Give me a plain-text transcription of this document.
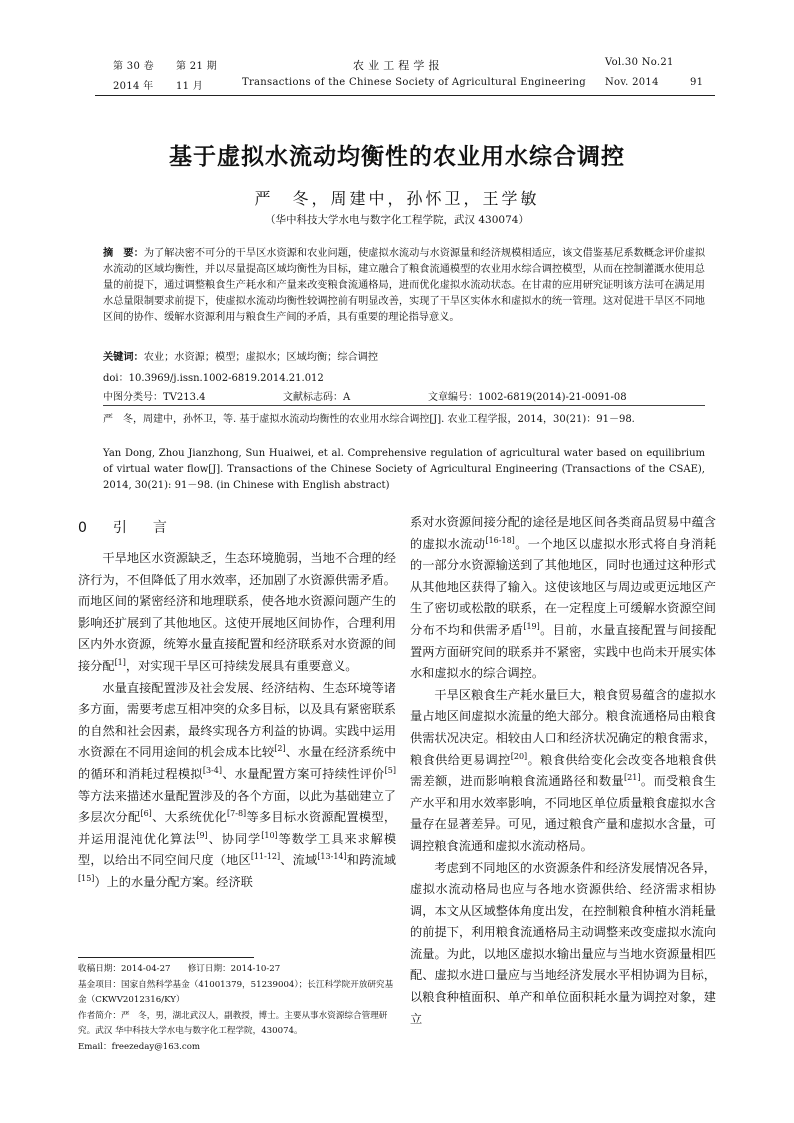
第 30 卷 第 21 期	农 业 工 程 学 报	Vol.30 No.21
2014 年 11 月	Transactions of the Chinese Society of Agricultural Engineering Nov. 2014	91
基于虚拟水流动均衡性的农业用水综合调控
严　冬，周建中，孙怀卫，王学敏
（华中科技大学水电与数字化工程学院，武汉 430074）
摘　要：为了解决密不可分的干旱区水资源和农业问题，使虚拟水流动与水资源量和经济规模相适应，该文借鉴基尼系数概念评价虚拟水流动的区域均衡性，并以尽量提高区域均衡性为目标，建立融合了粮食流通模型的农业用水综合调控模型，从而在控制灌溉水使用总量的前提下，通过调整粮食生产耗水和产量来改变粮食流通格局，进而优化虚拟水流动状态。在甘肃的应用研究证明该方法可在满足用水总量限制要求前提下，使虚拟水流动均衡性较调控前有明显改善，实现了干旱区实体水和虚拟水的统一管理。这对促进干旱区不同地区间的协作、缓解水资源利用与粮食生产间的矛盾，具有重要的理论指导意义。
关键词：农业；水资源；模型；虚拟水；区域均衡；综合调控
doi：10.3969/j.issn.1002-6819.2014.21.012
中图分类号：TV213.4	文献标志码：A	文章编号：1002-6819(2014)-21-0091-08
严　冬，周建中，孙怀卫，等. 基于虚拟水流动均衡性的农业用水综合调控[J]. 农业工程学报，2014，30(21)：91－98.
Yan Dong, Zhou Jianzhong, Sun Huaiwei, et al. Comprehensive regulation of agricultural water based on equilibrium of virtual water flow[J]. Transactions of the Chinese Society of Agricultural Engineering (Transactions of the CSAE), 2014, 30(21): 91－98. (in Chinese with English abstract)
0　引　言

干旱地区水资源缺乏，生态环境脆弱，当地不合理的经济行为，不但降低了用水效率，还加剧了水资源供需矛盾。而地区间的紧密经济和地理联系，使各地水资源问题产生的影响还扩展到了其他地区。这使开展地区间协作，合理利用区内外水资源，统筹水量直接配置和经济联系对水资源的间接分配[1]，对实现干旱区可持续发展具有重要意义。

水量直接配置涉及社会发展、经济结构、生态环境等诸多方面，需要考虑互相冲突的众多目标，以及具有紧密联系的自然和社会因素，最终实现各方利益的协调。实践中运用水资源在不同用途间的机会成本比较[2]、水量在经济系统中的循环和消耗过程模拟[3-4]、水量配置方案可持续性评价[5]等方法来描述水量配置涉及的各个方面，以此为基础建立了多层次分配[6]、大系统优化[7-8]等多目标水资源配置模型，并运用混沌优化算法[9]、协同学[10]等数学工具来求解模型，以给出不同空间尺度（地区[11-12]、流域[13-14]和跨流域[15]）上的水量分配方案。经济联

收稿日期：2014-04-27　　修订日期：2014-10-27
基金项目：国家自然科学基金（41001379，51239004）；长江科学院开放研究基金（CKWV2012316/KY）
作者简介：严　冬，男，湖北武汉人，副教授，博士。主要从事水资源综合管理研究。武汉 华中科技大学水电与数字化工程学院，430074。
Email：freezeday@163.com

系对水资源间接分配的途径是地区间各类商品贸易中蕴含的虚拟水流动[16-18]。一个地区以虚拟水形式将自身消耗的一部分水资源输送到了其他地区，同时也通过这种形式从其他地区获得了输入。这使该地区与周边或更远地区产生了密切或松散的联系，在一定程度上可缓解水资源空间分布不均和供需矛盾[19]。目前，水量直接配置与间接配置两方面研究间的联系并不紧密，实践中也尚未开展实体水和虚拟水的综合调控。

干旱区粮食生产耗水量巨大，粮食贸易蕴含的虚拟水量占地区间虚拟水流量的绝大部分。粮食流通格局由粮食供需状况决定。相较由人口和经济状况确定的粮食需求，粮食供给更易调控[20]。粮食供给变化会改变各地粮食供需差额，进而影响粮食流通路径和数量[21]。而受粮食生产水平和用水效率影响，不同地区单位质量粮食虚拟水含量存在显著差异。可见，通过粮食产量和虚拟水含量，可调控粮食流通和虚拟水流动格局。

考虑到不同地区的水资源条件和经济发展情况各异，虚拟水流动格局也应与各地水资源供给、经济需求相协调，本文从区域整体角度出发，在控制粮食种植水消耗量的前提下，利用粮食流通格局主动调整来改变虚拟水流向流量。为此，以地区虚拟水输出量应与当地水资源量相匹配、虚拟水进口量应与当地经济发展水平相协调为目标，以粮食种植面积、单产和单位面积耗水量为调控对象，建立
